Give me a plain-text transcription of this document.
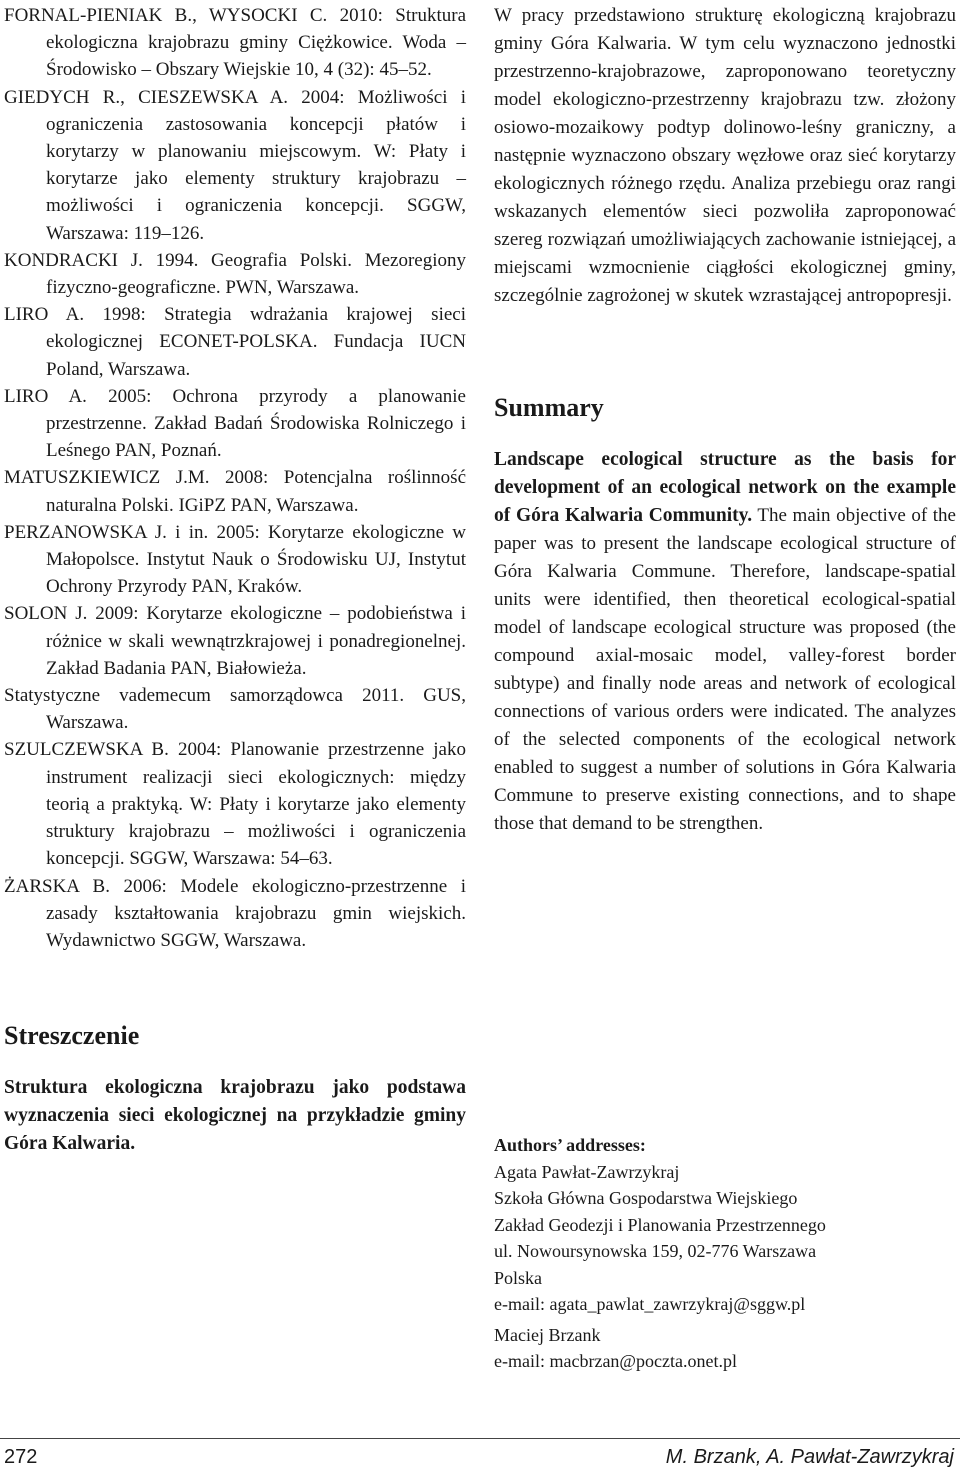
FORNAL-PIENIAK B., WYSOCKI C. 2010: Struktura ekologiczna krajobrazu gminy Ciężkowice. Woda – Środowisko – Obszary Wiejskie 10, 4 (32): 45–52.

GIEDYCH R., CIESZEWSKA A. 2004: Możliwości i ograniczenia zastosowania koncepcji płatów i korytarzy w planowaniu miejscowym. W: Płaty i korytarze jako elementy struktury krajobrazu – możliwości i ograniczenia koncepcji. SGGW, Warszawa: 119–126.

KONDRACKI J. 1994. Geografia Polski. Mezoregiony fizyczno-geograficzne. PWN, Warszawa.

LIRO A. 1998: Strategia wdrażania krajowej sieci ekologicznej ECONET-POLSKA. Fundacja IUCN Poland, Warszawa.

LIRO A. 2005: Ochrona przyrody a planowanie przestrzenne. Zakład Badań Środowiska Rolniczego i Leśnego PAN, Poznań.

MATUSZKIEWICZ J.M. 2008: Potencjalna roślinność naturalna Polski. IGiPZ PAN, Warszawa.

PERZANOWSKA J. i in. 2005: Korytarze ekologiczne w Małopolsce. Instytut Nauk o Środowisku UJ, Instytut Ochrony Przyrody PAN, Kraków.

SOLON J. 2009: Korytarze ekologiczne – podobieństwa i różnice w skali wewnątrzkrajowej i ponadregionelnej. Zakład Badania PAN, Białowieża.

Statystyczne vademecum samorządowca 2011. GUS, Warszawa.

SZULCZEWSKA B. 2004: Planowanie przestrzenne jako instrument realizacji sieci ekologicznych: między teorią a praktyką. W: Płaty i korytarze jako elementy struktury krajobrazu – możliwości i ograniczenia koncepcji. SGGW, Warszawa: 54–63.

ŻARSKA B. 2006: Modele ekologiczno-przestrzenne i zasady kształtowania krajobrazu gmin wiejskich. Wydawnictwo SGGW, Warszawa.

Streszczenie

Struktura ekologiczna krajobrazu jako podstawa wyznaczenia sieci ekologicznej na przykładzie gminy Góra Kalwaria.

W pracy przedstawiono strukturę ekologiczną krajobrazu gminy Góra Kalwaria. W tym celu wyznaczono jednostki przestrzenno-krajobrazowe, zaproponowano teoretyczny model ekologiczno-przestrzenny krajobrazu tzw. złożony osiowo-mozaikowy podtyp dolinowo-leśny graniczny, a następnie wyznaczono obszary węzłowe oraz sieć korytarzy ekologicznych różnego rzędu. Analiza przebiegu oraz rangi wskazanych elementów sieci pozwoliła zaproponować szereg rozwiązań umożliwiających zachowanie istniejącej, a miejscami wzmocnienie ciągłości ekologicznej gminy, szczególnie zagrożonej w skutek wzrastającej antropopresji.

Summary

Landscape ecological structure as the basis for development of an ecological network on the example of Góra Kalwaria Community. The main objective of the paper was to present the landscape ecological structure of Góra Kalwaria Commune. Therefore, landscape-spatial units were identified, then theoretical ecological-spatial model of landscape ecological structure was proposed (the compound axial-mosaic model, valley-forest border subtype) and finally node areas and network of ecological connections of various orders were indicated. The analyzes of the selected components of the ecological network enabled to suggest a number of solutions in Góra Kalwaria Commune to preserve existing connections, and to shape those that demand to be strengthen.

Authors’ addresses:

Agata Pawłat-Zawrzykraj

Szkoła Główna Gospodarstwa Wiejskiego

Zakład Geodezji i Planowania Przestrzennego

ul. Nowoursynowska 159, 02-776 Warszawa

Polska

e-mail: agata_pawlat_zawrzykraj@sggw.pl

Maciej Brzank

e-mail: macbrzan@poczta.onet.pl

272	M. Brzank, A. Pawłat-Zawrzykraj
